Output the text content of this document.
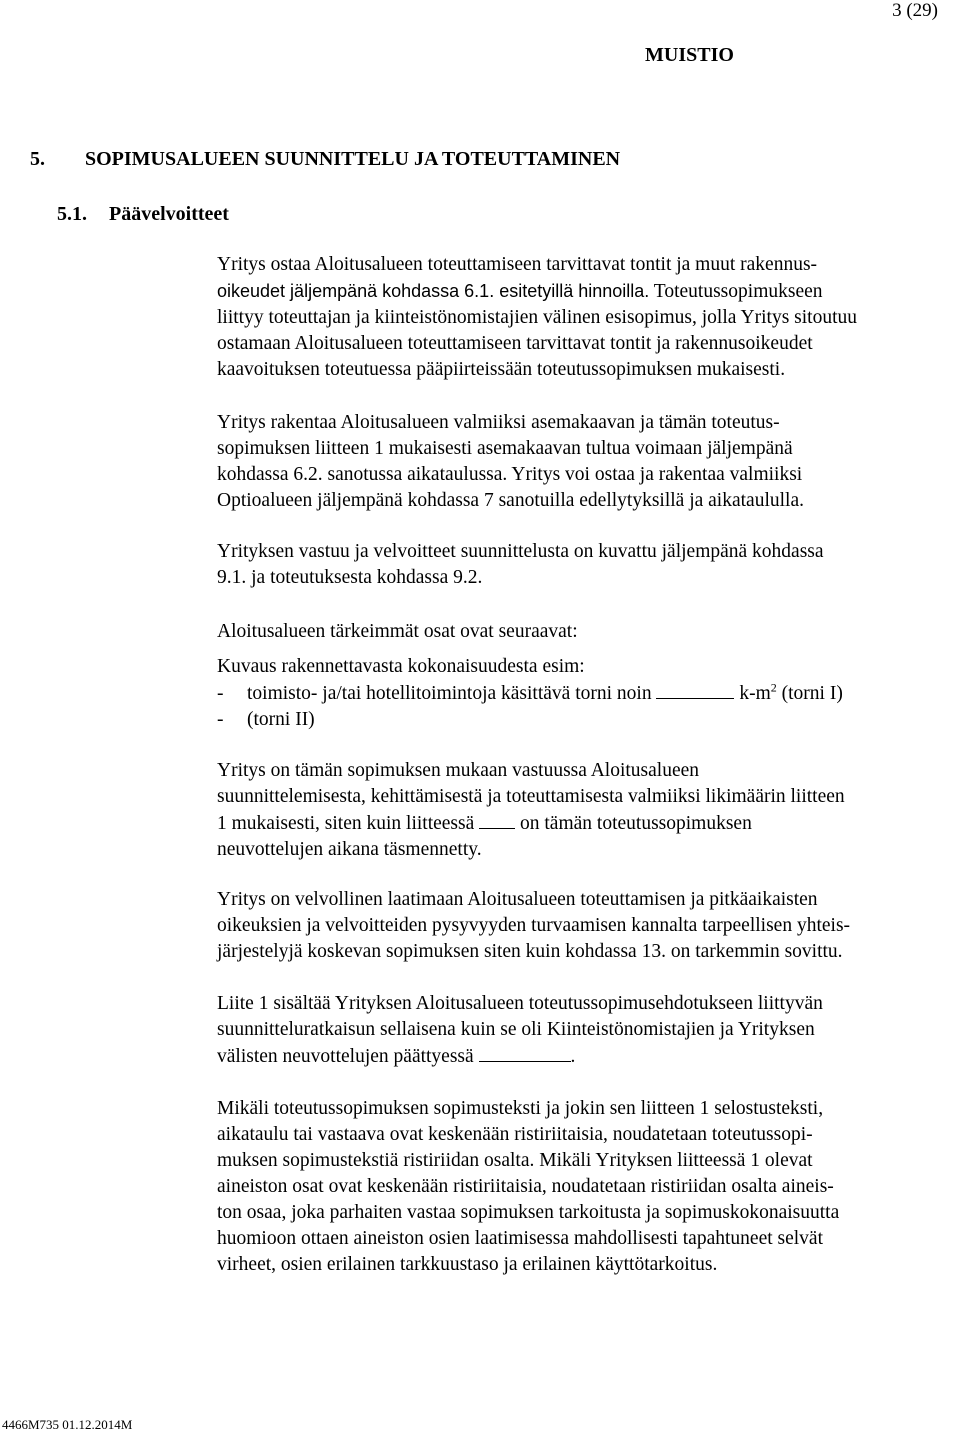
3 (29)
MUISTIO
5. SOPIMUSALUEEN SUUNNITTELU JA TOTEUTTAMINEN
5.1. Päävelvoitteet
Yritys ostaa Aloitusalueen toteuttamiseen tarvittavat tontit ja muut rakennus-
oikeudet jäljempänä kohdassa 6.1. esitetyillä hinnoilla. Toteutussopimukseen
liittyy toteuttajan ja kiinteistönomistajien välinen esisopimus, jolla Yritys sitoutuu
ostamaan Aloitusalueen toteuttamiseen tarvittavat tontit ja rakennusoikeudet
kaavoituksen toteutuessa pääpiirteissään toteutussopimuksen mukaisesti.
Yritys rakentaa Aloitusalueen valmiiksi asemakaavan ja tämän toteutus-
sopimuksen liitteen 1 mukaisesti asemakaavan tultua voimaan jäljempänä
kohdassa 6.2. sanotussa aikataulussa. Yritys voi ostaa ja rakentaa valmiiksi
Optioalueen jäljempänä kohdassa 7 sanotuilla edellytyksillä ja aikataululla.
Yrityksen vastuu ja velvoitteet suunnittelusta on kuvattu jäljempänä kohdassa
9.1. ja toteutuksesta kohdassa 9.2.
Aloitusalueen tärkeimmät osat ovat seuraavat:
Kuvaus rakennettavasta kokonaisuudesta esim:
- toimisto- ja/tai hotellitoimintoja käsittävä torni noin	$k-m^2$ (torni I)
- (torni II)
Yritys on tämän sopimuksen mukaan vastuussa Aloitusalueen
suunnittelemisesta, kehittämisestä ja toteuttamisesta valmiiksi likimäärin liitteen
1 mukaisesti, siten kuin liitteessä on tämän toteutussopimuksen
neuvottelujen aikana täsmennetty.
Yritys on velvollinen laatimaan Aloitusalueen toteuttamisen ja pitkäaikaisten
oikeuksien ja velvoitteiden pysyvyyden turvaamisen kannalta tarpeellisen yhteis-
järjestelyjä koskevan sopimuksen siten kuin kohdassa 13. on tarkemmin sovittu.
Liite 1 sisältää Yrityksen Aloitusalueen toteutussopimusehdotukseen liittyvän
suunnitteluratkaisun sellaisena kuin se oli Kiinteistönomistajien ja Yrityksen
välisten neuvottelujen päättyessä	.
Mikäli toteutussopimuksen sopimusteksti ja jokin sen liitteen 1 selostusteksti,
aikataulu tai vastaava ovat keskenään ristiriitaisia, noudatetaan toteutussopi-
muksen sopimustekstiä ristiriidan osalta. Mikäli Yrityksen liitteessä 1 olevat
aineiston osat ovat keskenään ristiriitaisia, noudatetaan ristiriidan osalta aineis-
ton osaa, joka parhaiten vastaa sopimuksen tarkoitusta ja sopimuskokonaisuutta
huomioon ottaen aineiston osien laatimisessa mahdollisesti tapahtuneet selvät
virheet, osien erilainen tarkkuustaso ja erilainen käyttötarkoitus.
4466M735 01.12.2014M
